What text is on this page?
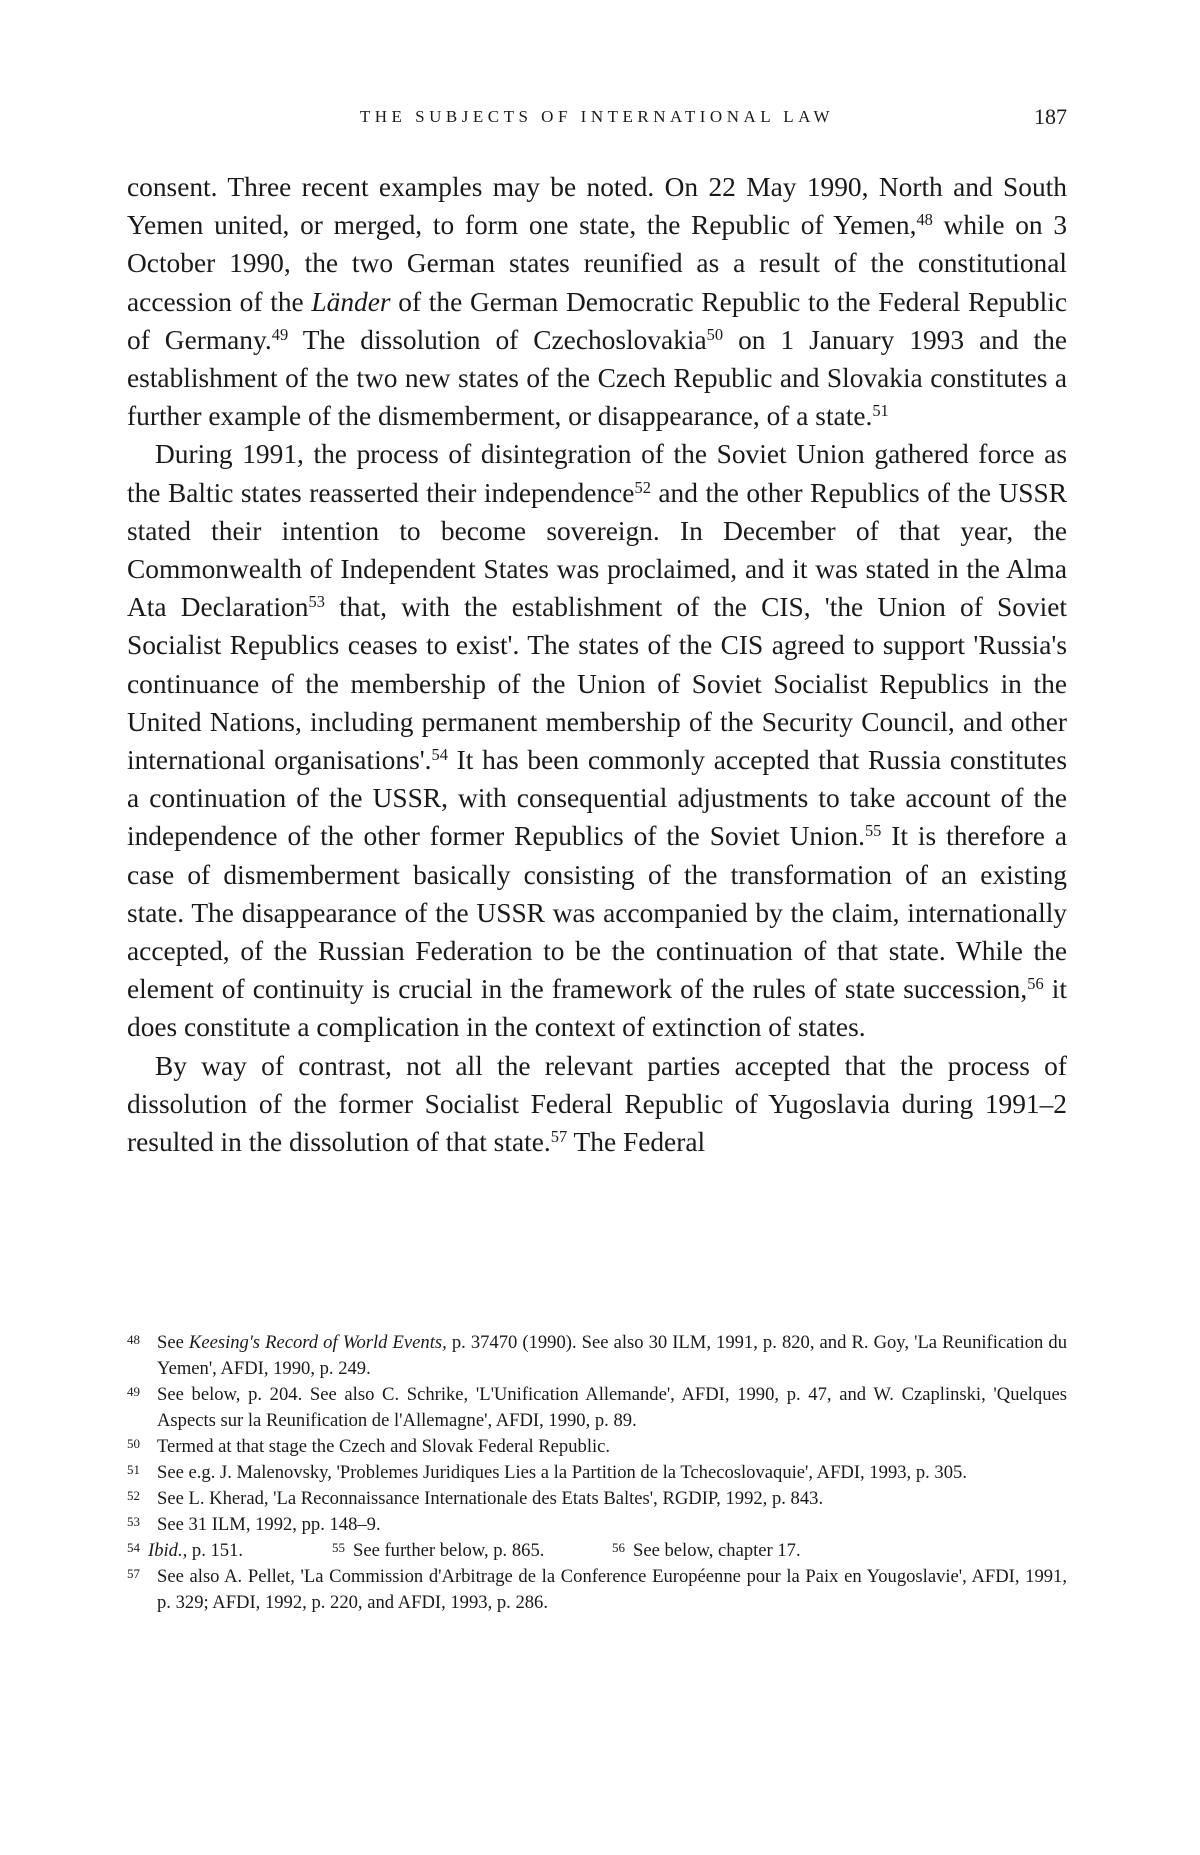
THE SUBJECTS OF INTERNATIONAL LAW	187

consent. Three recent examples may be noted. On 22 May 1990, North and South Yemen united, or merged, to form one state, the Republic of Yemen,$^{48}$ while on 3 October 1990, the two German states reunified as a result of the constitutional accession of the Länder of the German Democratic Republic to the Federal Republic of Germany.$^{49}$ The dissolution of Czechoslovakia$^{50}$ on 1 January 1993 and the establishment of the two new states of the Czech Republic and Slovakia constitutes a further example of the dismemberment, or disappearance, of a state.$^{51}$

During 1991, the process of disintegration of the Soviet Union gathered force as the Baltic states reasserted their independence$^{52}$ and the other Republics of the USSR stated their intention to become sovereign. In December of that year, the Commonwealth of Independent States was proclaimed, and it was stated in the Alma Ata Declaration$^{53}$ that, with the establishment of the CIS, 'the Union of Soviet Socialist Republics ceases to exist'. The states of the CIS agreed to support 'Russia's continuance of the membership of the Union of Soviet Socialist Republics in the United Nations, including permanent membership of the Security Council, and other international organisations'.$^{54}$ It has been commonly accepted that Russia constitutes a continuation of the USSR, with consequential adjustments to take account of the independence of the other former Republics of the Soviet Union.$^{55}$ It is therefore a case of dismemberment basically consisting of the transformation of an existing state. The disappearance of the USSR was accompanied by the claim, internationally accepted, of the Russian Federation to be the continuation of that state. While the element of continuity is crucial in the framework of the rules of state succession,$^{56}$ it does constitute a complication in the context of extinction of states.

By way of contrast, not all the relevant parties accepted that the process of dissolution of the former Socialist Federal Republic of Yugoslavia during 1991–2 resulted in the dissolution of that state.$^{57}$ The Federal

48 See Keesing's Record of World Events, p. 37470 (1990). See also 30 ILM, 1991, p. 820, and R. Goy, 'La Reunification du Yemen', AFDI, 1990, p. 249.
49 See below, p. 204. See also C. Schrike, 'L'Unification Allemande', AFDI, 1990, p. 47, and W. Czaplinski, 'Quelques Aspects sur la Reunification de l'Allemagne', AFDI, 1990, p. 89.
50 Termed at that stage the Czech and Slovak Federal Republic.
51 See e.g. J. Malenovsky, 'Problemes Juridiques Lies a la Partition de la Tchecoslovaquie', AFDI, 1993, p. 305.
52 See L. Kherad, 'La Reconnaissance Internationale des Etats Baltes', RGDIP, 1992, p. 843.
53 See 31 ILM, 1992, pp. 148–9.
$^{54}$ Ibid., p. 151.	$^{55}$ See further below, p. 865.	$^{56}$ See below, chapter 17.
57 See also A. Pellet, 'La Commission d'Arbitrage de la Conference Européenne pour la Paix en Yougoslavie', AFDI, 1991, p. 329; AFDI, 1992, p. 220, and AFDI, 1993, p. 286.
